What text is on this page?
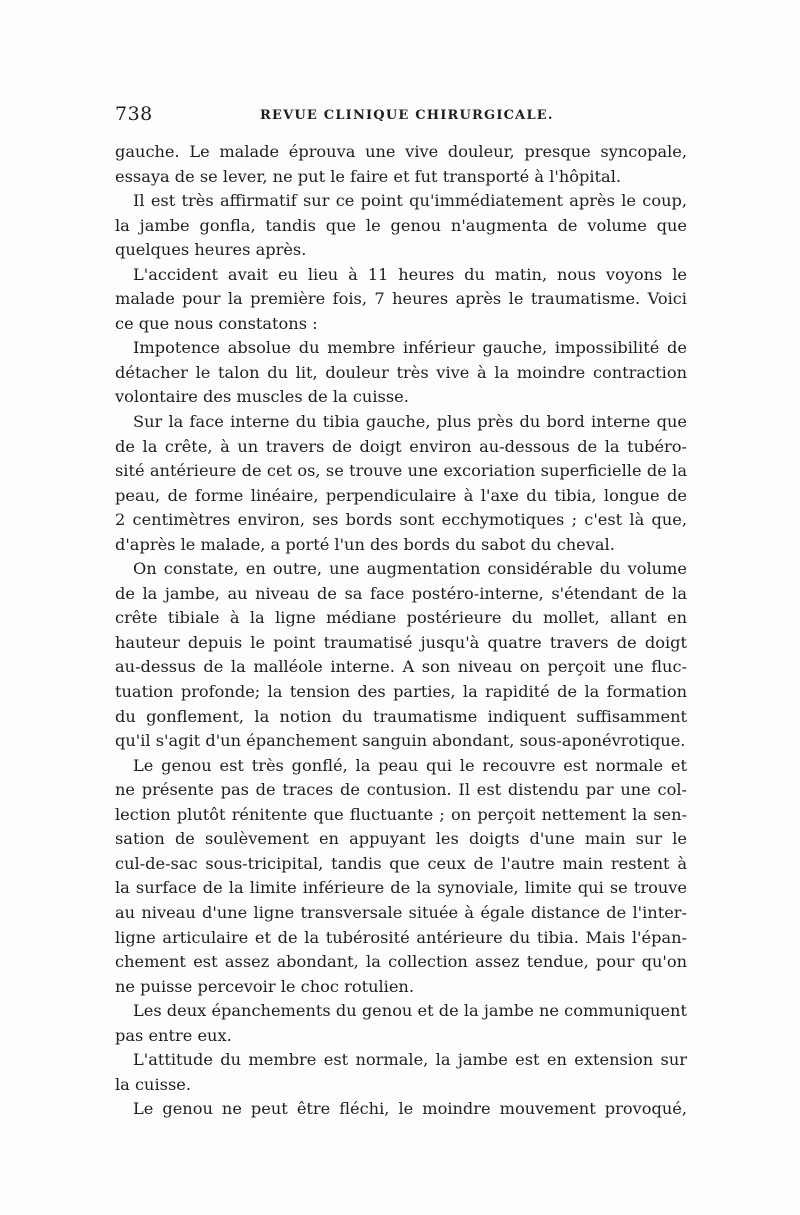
738	REVUE CLINIQUE CHIRURGICALE.
gauche. Le malade éprouva une vive douleur, presque syncopale,
essaya de se lever, ne put le faire et fut transporté à l'hôpital.
Il est très affirmatif sur ce point qu'immédiatement après le coup,
la jambe gonfla, tandis que le genou n'augmenta de volume que
quelques heures après.
L'accident avait eu lieu à 11 heures du matin, nous voyons le
malade pour la première fois, 7 heures après le traumatisme. Voici
ce que nous constatons :
Impotence absolue du membre inférieur gauche, impossibilité de
détacher le talon du lit, douleur très vive à la moindre contraction
volontaire des muscles de la cuisse.
Sur la face interne du tibia gauche, plus près du bord interne que
de la crête, à un travers de doigt environ au-dessous de la tubéro-
sité antérieure de cet os, se trouve une excoriation superficielle de la
peau, de forme linéaire, perpendiculaire à l'axe du tibia, longue de
2 centimètres environ, ses bords sont ecchymotiques ; c'est là que,
d'après le malade, a porté l'un des bords du sabot du cheval.
On constate, en outre, une augmentation considérable du volume
de la jambe, au niveau de sa face postéro-interne, s'étendant de la
crête tibiale à la ligne médiane postérieure du mollet, allant en
hauteur depuis le point traumatisé jusqu'à quatre travers de doigt
au-dessus de la malléole interne. A son niveau on perçoit une fluc-
tuation profonde; la tension des parties, la rapidité de la formation
du gonflement, la notion du traumatisme indiquent suffisamment
qu'il s'agit d'un épanchement sanguin abondant, sous-aponévrotique.
Le genou est très gonflé, la peau qui le recouvre est normale et
ne présente pas de traces de contusion. Il est distendu par une col-
lection plutôt rénitente que fluctuante ; on perçoit nettement la sen-
sation de soulèvement en appuyant les doigts d'une main sur le
cul-de-sac sous-tricipital, tandis que ceux de l'autre main restent à
la surface de la limite inférieure de la synoviale, limite qui se trouve
au niveau d'une ligne transversale située à égale distance de l'inter-
ligne articulaire et de la tubérosité antérieure du tibia. Mais l'épan-
chement est assez abondant, la collection assez tendue, pour qu'on
ne puisse percevoir le choc rotulien.
Les deux épanchements du genou et de la jambe ne communiquent
pas entre eux.
L'attitude du membre est normale, la jambe est en extension sur
la cuisse.
Le genou ne peut être fléchi, le moindre mouvement provoqué,
